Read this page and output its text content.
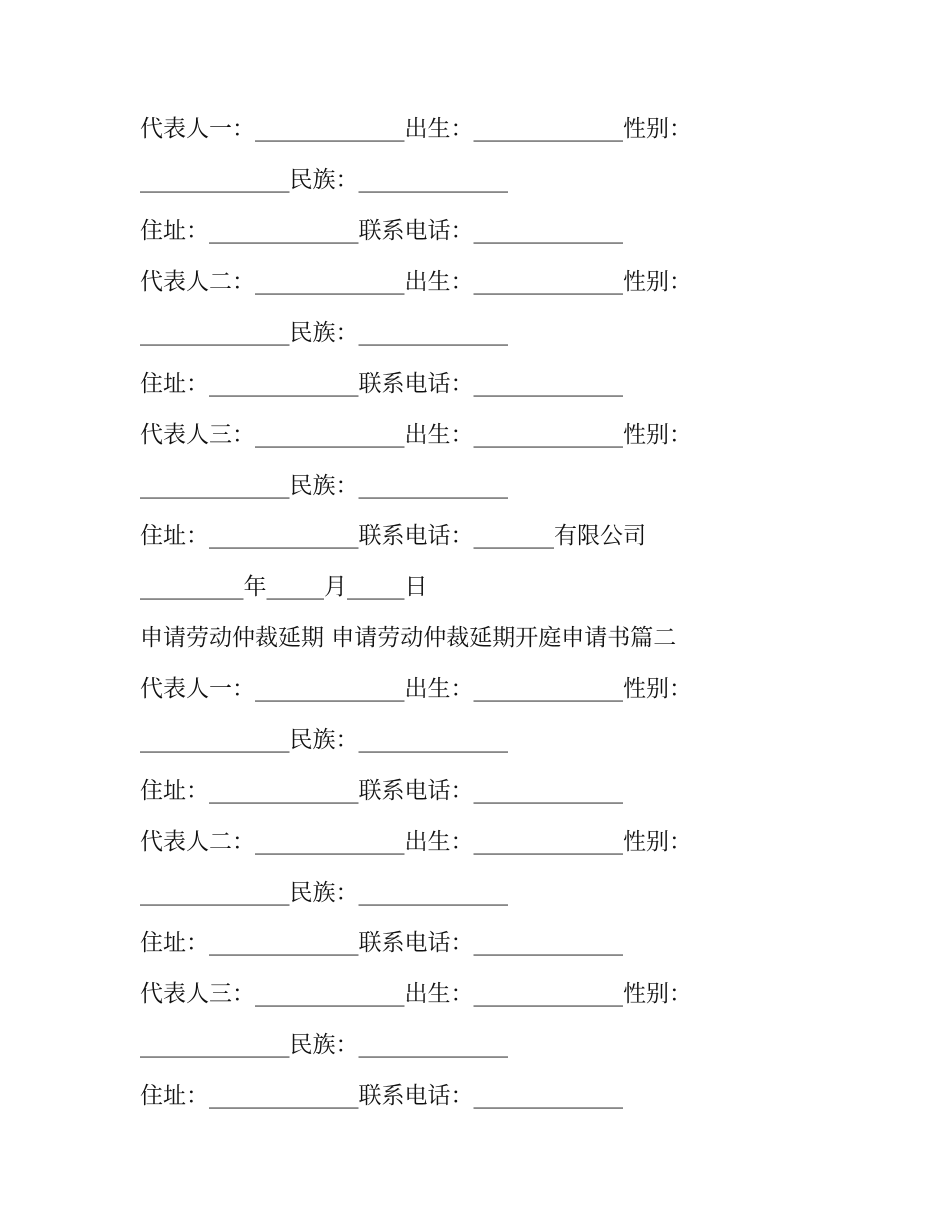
代表人一：_____________出生：_____________性别：
_____________民族：_____________
住址：_____________联系电话：_____________
代表人二：_____________出生：_____________性别：
_____________民族：_____________
住址：_____________联系电话：_____________
代表人三：_____________出生：_____________性别：
_____________民族：_____________
住址：_____________联系电话：_______有限公司
_________年_____月_____日
申请劳动仲裁延期 申请劳动仲裁延期开庭申请书篇二
代表人一：_____________出生：_____________性别：
_____________民族：_____________
住址：_____________联系电话：_____________
代表人二：_____________出生：_____________性别：
_____________民族：_____________
住址：_____________联系电话：_____________
代表人三：_____________出生：_____________性别：
_____________民族：_____________
住址：_____________联系电话：_____________
